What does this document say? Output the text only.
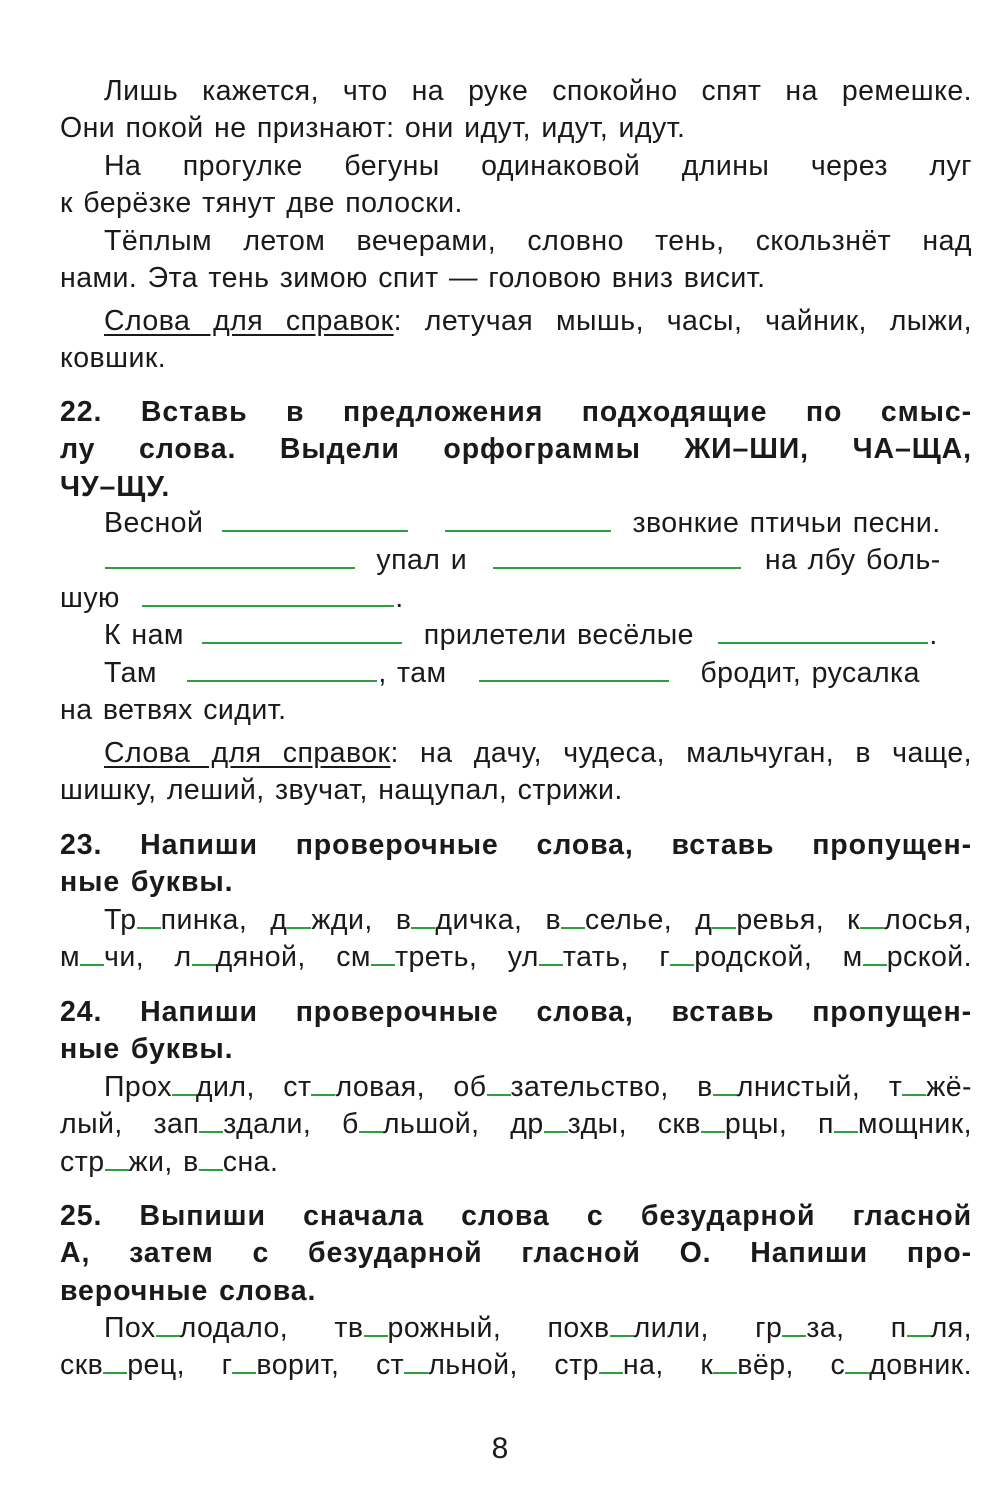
Лишь кажется, что на руке спокойно спят на ремешке.
Они покой не признают: они идут, идут, идут.
На прогулке бегуны одинаковой длины через луг
к берёзке тянут две полоски.
Тёплым летом вечерами, словно тень, скользнёт над
нами. Эта тень зимою спит — головою вниз висит.
Слова для справок: летучая мышь, часы, чайник, лыжи,
ковшик.
22. Вставь в предложения подходящие по смыс-
лу слова. Выдели орфограммы ЖИ–ШИ, ЧА–ЩА,
ЧУ–ЩУ.
Весной	звонкие птичьи песни.
упал и	на лбу боль-
шую	.
К нам	прилетели весёлые	.
Там	, там	бродит, русалка
на ветвях сидит.
Слова для справок: на дачу, чудеса, мальчуган, в чаще,
шишку, леший, звучат, нащупал, стрижи.
23. Напиши проверочные слова, вставь пропущен-
ные буквы.
Тр пинка, д жди, в дичка, в селье, д ревья, к лосья,
м чи, л дяной, см треть, ул тать, г родской, м рской.
24. Напиши проверочные слова, вставь пропущен-
ные буквы.
Прох дил, ст ловая, об зательство, в лнистый, т жё-
лый, зап здали, б льшой, др зды, скв рцы, п мощник,
стр жи, в сна.
25. Выпиши сначала слова с безударной гласной
А, затем с безударной гласной О. Напиши про-
верочные слова.
Пох лодало, тв рожный, похв лили, гр за, п ля,
скв рец, г ворит, ст льной, стр на, к вёр, с довник.
8
